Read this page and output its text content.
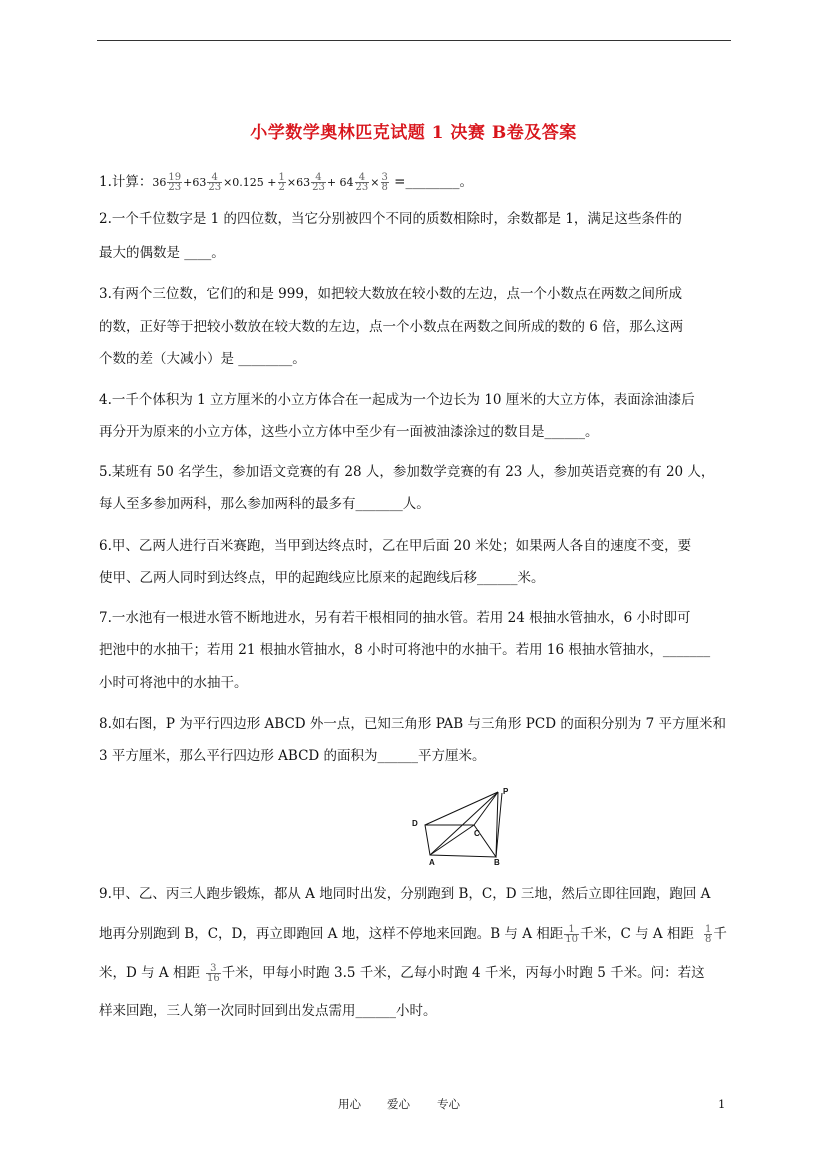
小学数学奥林匹克试题 1 决赛 B卷及答案
1.计算：$36 \frac{19}{23} +63 \frac{4}{23} \times 0.125 + \frac{1}{2} \times 63 \frac{4}{23} + 64 \frac{4}{23} \times \frac{3}{8}$ =________。
2.一个千位数字是 1 的四位数，当它分别被四个不同的质数相除时，余数都是 1，满足这些条件的
最大的偶数是 ____。
3.有两个三位数，它们的和是 999，如把较大数放在较小数的左边，点一个小数点在两数之间所成
的数，正好等于把较小数放在较大数的左边，点一个小数点在两数之间所成的数的 6 倍，那么这两
个数的差（大减小）是 ________。
4.一千个体积为 1 立方厘米的小立方体合在一起成为一个边长为 10 厘米的大立方体，表面涂油漆后
再分开为原来的小立方体，这些小立方体中至少有一面被油漆涂过的数目是______。
5.某班有 50 名学生，参加语文竞赛的有 28 人，参加数学竞赛的有 23 人，参加英语竞赛的有 20 人，
每人至多参加两科，那么参加两科的最多有_______人。
6.甲、乙两人进行百米赛跑，当甲到达终点时，乙在甲后面 20 米处；如果两人各自的速度不变，要
使甲、乙两人同时到达终点，甲的起跑线应比原来的起跑线后移______米。
7.一水池有一根进水管不断地进水，另有若干根相同的抽水管。若用 24 根抽水管抽水，6 小时即可
把池中的水抽干；若用 21 根抽水管抽水，8 小时可将池中的水抽干。若用 16 根抽水管抽水，_______
小时可将池中的水抽干。
8.如右图，P 为平行四边形 ABCD 外一点，已知三角形 PAB 与三角形 PCD 的面积分别为 7 平方厘米和
3 平方厘米，那么平行四边形 ABCD 的面积为______平方厘米。
P
D
C
A	B
9.甲、乙、丙三人跑步锻炼，都从 A 地同时出发，分别跑到 B，C，D 三地，然后立即往回跑，跑回 A
地再分别跑到 B，C，D，再立即跑回 A 地，这样不停地来回跑。B 与 A 相距 $\frac{1}{10}$ 千米，C 与 A 相距 $\frac{1}{8}$ 千
米，D 与 A 相距 $\frac{3}{16}$ 千米，甲每小时跑 3.5 千米，乙每小时跑 4 千米，丙每小时跑 5 千米。问：若这
样来回跑，三人第一次同时回到出发点需用______小时。
用心 爱心 专心	1
